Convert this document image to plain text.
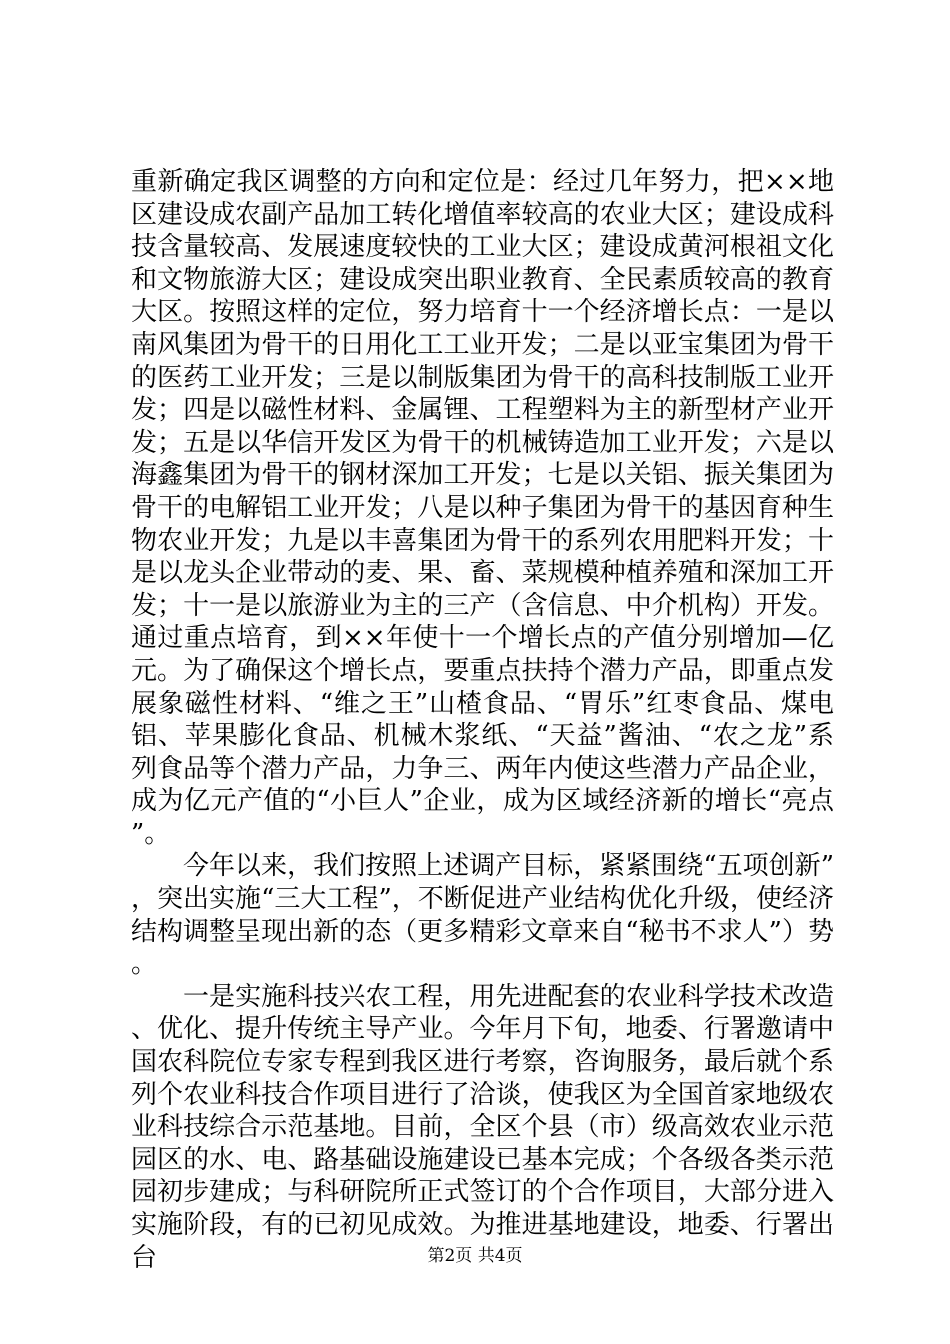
重新确定我区调整的方向和定位是：经过几年努力，把××地区建设成农副产品加工转化增值率较高的农业大区；建设成科技含量较高、发展速度较快的工业大区；建设成黄河根祖文化和文物旅游大区；建设成突出职业教育、全民素质较高的教育大区。按照这样的定位，努力培育十一个经济增长点：一是以南风集团为骨干的日用化工工业开发；二是以亚宝集团为骨干的医药工业开发；三是以制版集团为骨干的高科技制版工业开发；四是以磁性材料、金属锂、工程塑料为主的新型材产业开发；五是以华信开发区为骨干的机械铸造加工业开发；六是以海鑫集团为骨干的钢材深加工开发；七是以关铝、振关集团为骨干的电解铝工业开发；八是以种子集团为骨干的基因育种生物农业开发；九是以丰喜集团为骨干的系列农用肥料开发；十是以龙头企业带动的麦、果、畜、菜规模种植养殖和深加工开发；十一是以旅游业为主的三产（含信息、中介机构）开发。通过重点培育，到××年使十一个增长点的产值分别增加—亿元。为了确保这个增长点，要重点扶持个潜力产品，即重点发展象磁性材料、“维之王”山楂食品、“胃乐”红枣食品、煤电铝、苹果膨化食品、机械木浆纸、“天益”酱油、“农之龙”系列食品等个潜力产品，力争三、两年内使这些潜力产品企业，成为亿元产值的“小巨人”企业，成为区域经济新的增长“亮点”。

今年以来，我们按照上述调产目标，紧紧围绕“五项创新”，突出实施“三大工程”，不断促进产业结构优化升级，使经济结构调整呈现出新的态（更多精彩文章来自“秘书不求人”）势。

一是实施科技兴农工程，用先进配套的农业科学技术改造、优化、提升传统主导产业。今年月下旬，地委、行署邀请中国农科院位专家专程到我区进行考察，咨询服务，最后就个系列个农业科技合作项目进行了洽谈，使我区为全国首家地级农业科技综合示范基地。目前，全区个县（市）级高效农业示范园区的水、电、路基础设施建设已基本完成；个各级各类示范园初步建成；与科研院所正式签订的个合作项目，大部分进入实施阶段，有的已初见成效。为推进基地建设，地委、行署出台	第2页 共4页
